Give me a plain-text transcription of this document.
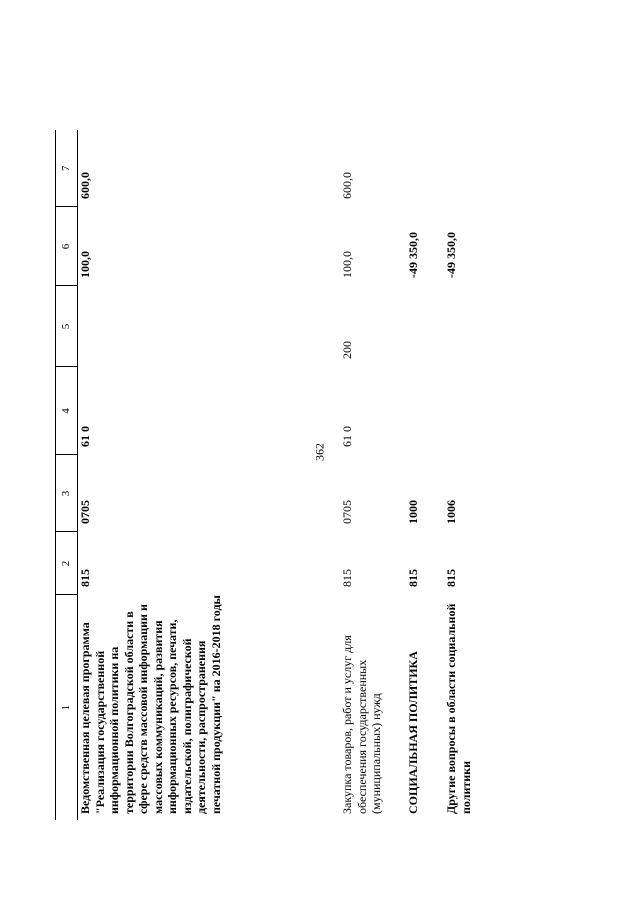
362
1	2	3	4	5	6	7
Ведомственная целевая программа "Реализация государственной информационной политики на территории Волгоградской области в сфере средств массовой информации и массовых коммуникаций, развития информационных ресурсов, печати, издательской, полиграфической деятельности, распространения печатной продукции" на 2016-2018 годы	815	0705	61 0		100,0	600,0
Закупка товаров, работ и услуг для обеспечения государственных (муниципальных) нужд	815	0705	61 0	200	100,0	600,0
СОЦИАЛЬНАЯ ПОЛИТИКА	815	1000			-49 350,0	
Другие вопросы в области социальной политики	815	1006			-49 350,0	
